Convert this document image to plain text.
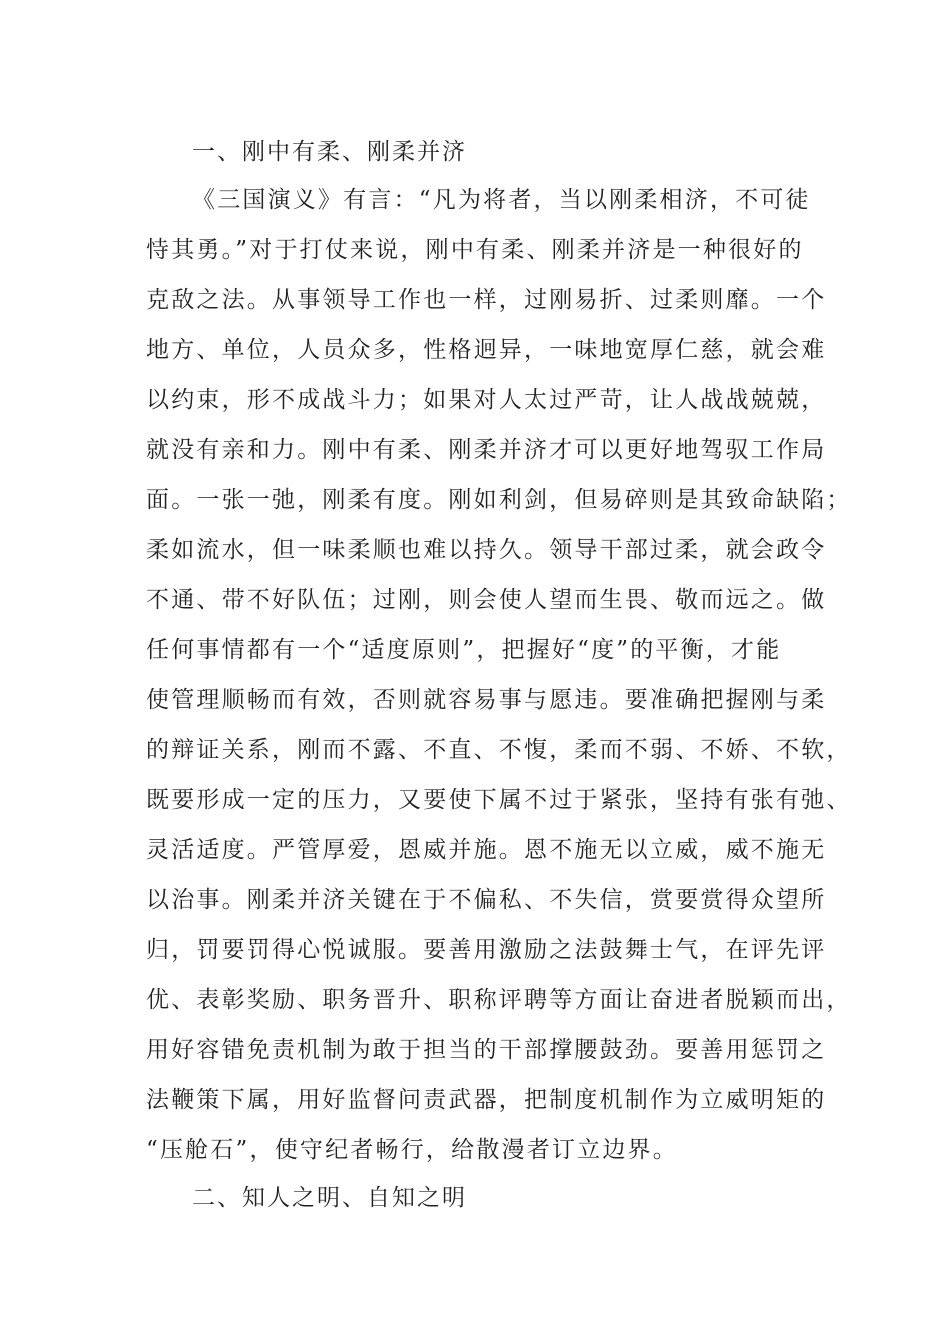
一、刚中有柔、刚柔并济
《三国演义》有言：“凡为将者，当以刚柔相济，不可徒
恃其勇。”对于打仗来说，刚中有柔、刚柔并济是一种很好的
克敌之法。从事领导工作也一样，过刚易折、过柔则靡。一个
地方、单位，人员众多，性格迥异，一味地宽厚仁慈，就会难
以约束，形不成战斗力；如果对人太过严苛，让人战战兢兢，
就没有亲和力。刚中有柔、刚柔并济才可以更好地驾驭工作局
面。一张一弛，刚柔有度。刚如利剑，但易碎则是其致命缺陷；
柔如流水，但一味柔顺也难以持久。领导干部过柔，就会政令
不通、带不好队伍；过刚，则会使人望而生畏、敬而远之。做
任何事情都有一个“适度原则”，把握好“度”的平衡，才能
使管理顺畅而有效，否则就容易事与愿违。要准确把握刚与柔
的辩证关系，刚而不露、不直、不愎，柔而不弱、不娇、不软，
既要形成一定的压力，又要使下属不过于紧张，坚持有张有弛、
灵活适度。严管厚爱，恩威并施。恩不施无以立威，威不施无
以治事。刚柔并济关键在于不偏私、不失信，赏要赏得众望所
归，罚要罚得心悦诚服。要善用激励之法鼓舞士气，在评先评
优、表彰奖励、职务晋升、职称评聘等方面让奋进者脱颖而出，
用好容错免责机制为敢于担当的干部撑腰鼓劲。要善用惩罚之
法鞭策下属，用好监督问责武器，把制度机制作为立威明矩的
“压舱石”，使守纪者畅行，给散漫者订立边界。
二、知人之明、自知之明
